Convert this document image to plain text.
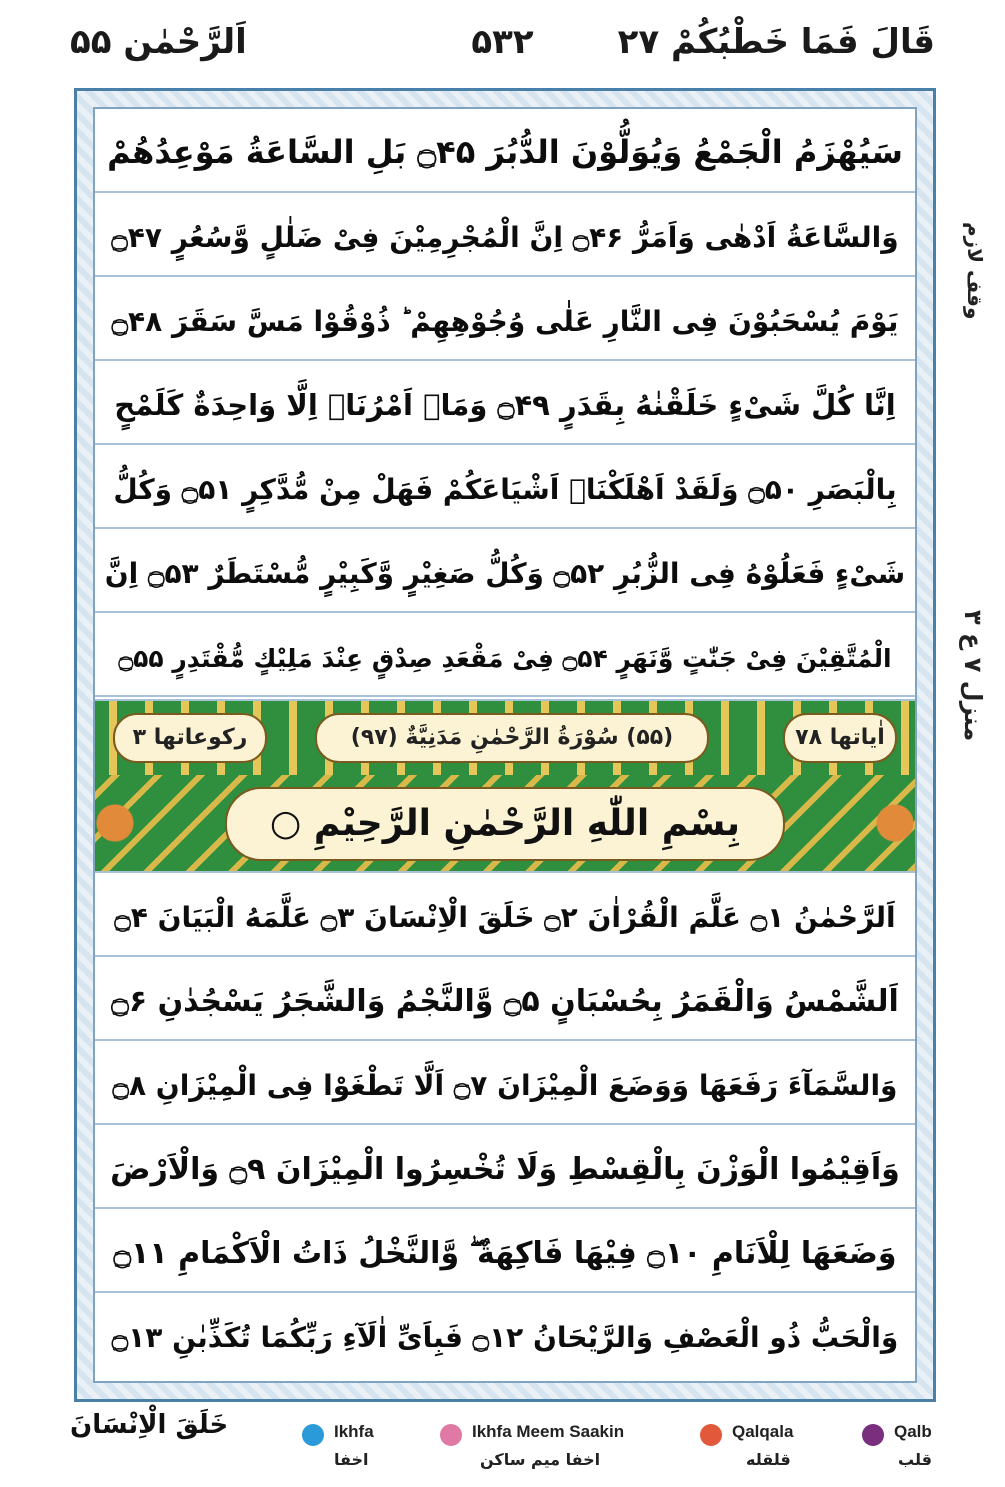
اَلرَّحْمٰن ۵۵	۵۳۲	قَالَ فَمَا خَطْبُكُمْ ۲۷
وقف لازم
منزل ۷ ع ۳
سَيُهْزَمُ الْجَمْعُ وَيُوَلُّوْنَ الدُّبُرَ ۝۴۵ بَلِ السَّاعَةُ مَوْعِدُهُمْ
وَالسَّاعَةُ اَدْهٰى وَاَمَرُّ ۝۴۶ اِنَّ الْمُجْرِمِيْنَ فِىْ ضَلٰلٍ وَّسُعُرٍ ۝۴۷
يَوْمَ يُسْحَبُوْنَ فِى النَّارِ عَلٰى وُجُوْهِهِمْ ؕ ذُوْقُوْا مَسَّ سَقَرَ ۝۴۸
اِنَّا كُلَّ شَىْءٍ خَلَقْنٰهُ بِقَدَرٍ ۝۴۹ وَمَاۤ اَمْرُنَاۤ اِلَّا وَاحِدَةٌ كَلَمْحٍ
بِالْبَصَرِ ۝۵۰ وَلَقَدْ اَهْلَكْنَاۤ اَشْيَاعَكُمْ فَهَلْ مِنْ مُّدَّكِرٍ ۝۵۱ وَكُلُّ
شَىْءٍ فَعَلُوْهُ فِى الزُّبُرِ ۝۵۲ وَكُلُّ صَغِيْرٍ وَّكَبِيْرٍ مُّسْتَطَرٌ ۝۵۳ اِنَّ
الْمُتَّقِيْنَ فِىْ جَنّٰتٍ وَّنَهَرٍ ۝۵۴ فِىْ مَقْعَدِ صِدْقٍ عِنْدَ مَلِيْكٍ مُّقْتَدِرٍ ۝۵۵
رکوعاتھا ۳	(۵۵) سُوْرَةُ الرَّحْمٰنِ مَدَنِيَّةٌ (۹۷)	اٰیاتھا ۷۸
بِسْمِ اللّٰهِ الرَّحْمٰنِ الرَّحِيْمِ ○
اَلرَّحْمٰنُ ۝۱ عَلَّمَ الْقُرْاٰنَ ۝۲ خَلَقَ الْاِنْسَانَ ۝۳ عَلَّمَهُ الْبَيَانَ ۝۴
اَلشَّمْسُ وَالْقَمَرُ بِحُسْبَانٍ ۝۵ وَّالنَّجْمُ وَالشَّجَرُ يَسْجُدٰنِ ۝۶
وَالسَّمَآءَ رَفَعَهَا وَوَضَعَ الْمِيْزَانَ ۝۷ اَلَّا تَطْغَوْا فِى الْمِيْزَانِ ۝۸
وَاَقِيْمُوا الْوَزْنَ بِالْقِسْطِ وَلَا تُخْسِرُوا الْمِيْزَانَ ۝۹ وَالْاَرْضَ
وَضَعَهَا لِلْاَنَامِ ۝۱۰ فِيْهَا فَاكِهَةٌ ۖ وَّالنَّخْلُ ذَاتُ الْاَكْمَامِ ۝۱۱
وَالْحَبُّ ذُو الْعَصْفِ وَالرَّيْحَانُ ۝۱۲ فَبِاَىِّ اٰلَآءِ رَبِّكُمَا تُكَذِّبٰنِ ۝۱۳
خَلَقَ الْاِنْسَانَ	Ikhfa
اخفا
Ikhfa Meem Saakin
اخفا میم ساکن
Qalqala
قلقله
Qalb
قلب
